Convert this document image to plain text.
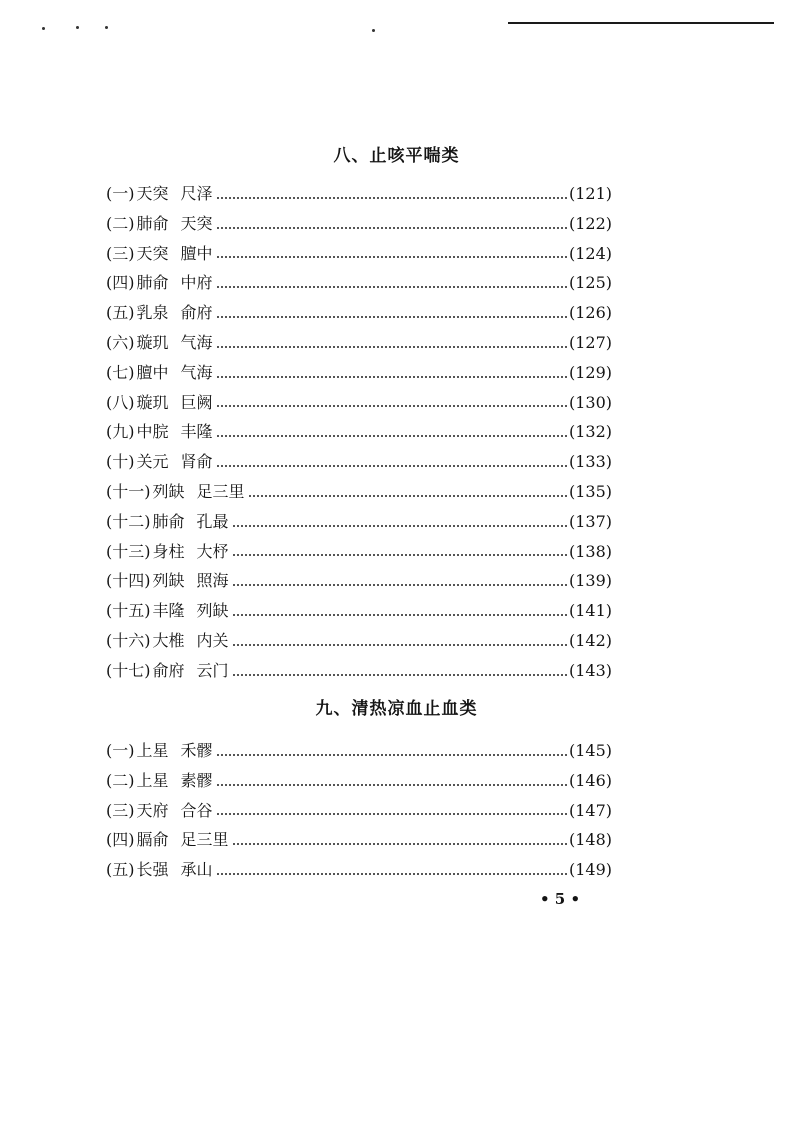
八、止咳平喘类
(一) 天突 尺泽	(121)
(二) 肺俞 天突	(122)
(三) 天突 膻中	(124)
(四) 肺俞 中府	(125)
(五) 乳泉 俞府	(126)
(六) 璇玑 气海	(127)
(七) 膻中 气海	(129)
(八) 璇玑 巨阙	(130)
(九) 中脘 丰隆	(132)
(十) 关元 肾俞	(133)
(十一) 列缺 足三里	(135)
(十二) 肺俞 孔最	(137)
(十三) 身柱 大杼	(138)
(十四) 列缺 照海	(139)
(十五) 丰隆 列缺	(141)
(十六) 大椎 内关	(142)
(十七) 俞府 云门	(143)
九、清热凉血止血类
(一) 上星 禾髎	(145)
(二) 上星 素髎	(146)
(三) 天府 合谷	(147)
(四) 膈俞 足三里	(148)
(五) 长强 承山	(149)
• 5 •
